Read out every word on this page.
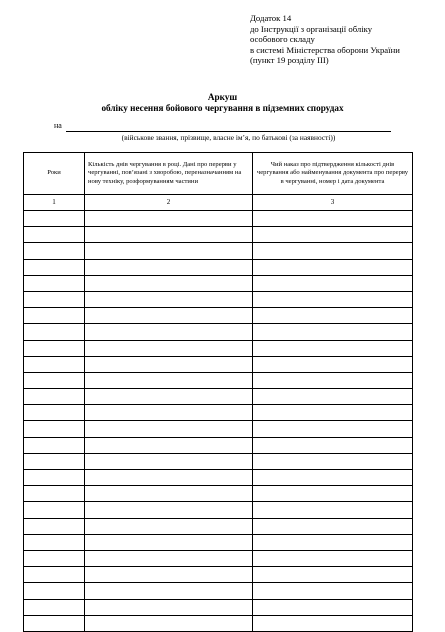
Додаток 14
до Інструкції з організації обліку
особового складу
в системі Міністерства оборони України
(пункт 19 розділу ІІІ)
Аркуш
обліку несення бойового чергування в підземних спорудах
на
(військове звання, прізвище, власне ім’я, по батькові (за наявності))
Роки	Кількість днів чергування в році. Дані про перерви у чергуванні, пов’язані з хворобою, переназначанням на нову техніку, розформуванням частини	Чий наказ про підтвердження кількості днів чергування або найменування документа про перерву в чергуванні, номер і дата документа
1	2	3
